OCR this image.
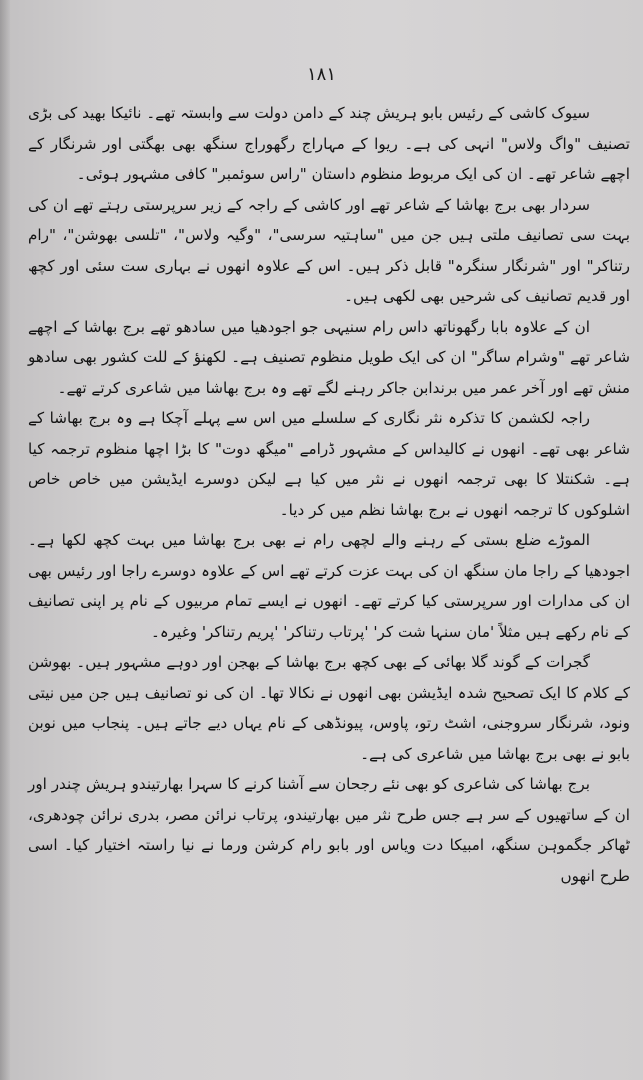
۱۸۱

سیوک کاشی کے رئیس بابو ہریش چند کے دامن دولت سے وابستہ تھے۔ نائیکا بھید کی بڑی تصنیف "واگ ولاس" انہی کی ہے۔ ریوا کے مہاراج رگھوراج سنگھ بھی بھگتی اور شرنگار کے اچھے شاعر تھے۔ ان کی ایک مربوط منظوم داستان "راس سوئمبر" کافی مشہور ہوئی۔

سردار بھی برج بھاشا کے شاعر تھے اور کاشی کے راجہ کے زیر سرپرستی رہتے تھے ان کی بہت سی تصانیف ملتی ہیں جن میں "ساہتیہ سرسی"، "وگیہ ولاس"، "تلسی بھوشن"، "رام رتناکر" اور "شرنگار سنگرہ" قابل ذکر ہیں۔ اس کے علاوہ انھوں نے بہاری ست سئی اور کچھ اور قدیم تصانیف کی شرحیں بھی لکھی ہیں۔

ان کے علاوہ بابا رگھوناتھ داس رام سنیہی جو اجودھیا میں سادھو تھے برج بھاشا کے اچھے شاعر تھے "وشرام ساگر" ان کی ایک طویل منظوم تصنیف ہے۔ لکھنؤ کے للت کشور بھی سادھو منش تھے اور آخر عمر میں برندابن جاکر رہنے لگے تھے وہ برج بھاشا میں شاعری کرتے تھے۔

راجہ لکشمن کا تذکرہ نثر نگاری کے سلسلے میں اس سے پہلے آچکا ہے وہ برج بھاشا کے شاعر بھی تھے۔ انھوں نے کالیداس کے مشہور ڈرامے "میگھ دوت" کا بڑا اچھا منظوم ترجمہ کیا ہے۔ شکنتلا کا بھی ترجمہ انھوں نے نثر میں کیا ہے لیکن دوسرے ایڈیشن میں خاص خاص اشلوکوں کا ترجمہ انھوں نے برج بھاشا نظم میں کر دیا۔

الموڑے ضلع بستی کے رہنے والے لچھی رام نے بھی برج بھاشا میں بہت کچھ لکھا ہے۔ اجودھیا کے راجا مان سنگھ ان کی بہت عزت کرتے تھے اس کے علاوہ دوسرے راجا اور رئیس بھی ان کی مدارات اور سرپرستی کیا کرتے تھے۔ انھوں نے ایسے تمام مربیوں کے نام پر اپنی تصانیف کے نام رکھے ہیں مثلاً 'مان سنہا شت کر' 'پرتاب رتناکر' 'پریم رتناکر' وغیرہ۔

گجرات کے گوند گلا بھائی کے بھی کچھ برج بھاشا کے بھجن اور دوہے مشہور ہیں۔ بھوشن کے کلام کا ایک تصحیح شدہ ایڈیشن بھی انھوں نے نکالا تھا۔ ان کی نو تصانیف ہیں جن میں نیتی ونود، شرنگار سروجنی، اشٹ رتو، پاوس، پیونڈھی کے نام یہاں دیے جاتے ہیں۔ پنجاب میں نوبن بابو نے بھی برج بھاشا میں شاعری کی ہے۔

برج بھاشا کی شاعری کو بھی نئے رجحان سے آشنا کرنے کا سہرا بھارتیندو ہریش چندر اور ان کے ساتھیوں کے سر ہے جس طرح نثر میں بھارتیندو، پرتاب نرائن مصر، بدری نرائن چودھری، ٹھاکر جگموہن سنگھ، امبیکا دت ویاس اور بابو رام کرشن ورما نے نیا راستہ اختیار کیا۔ اسی طرح انھوں
